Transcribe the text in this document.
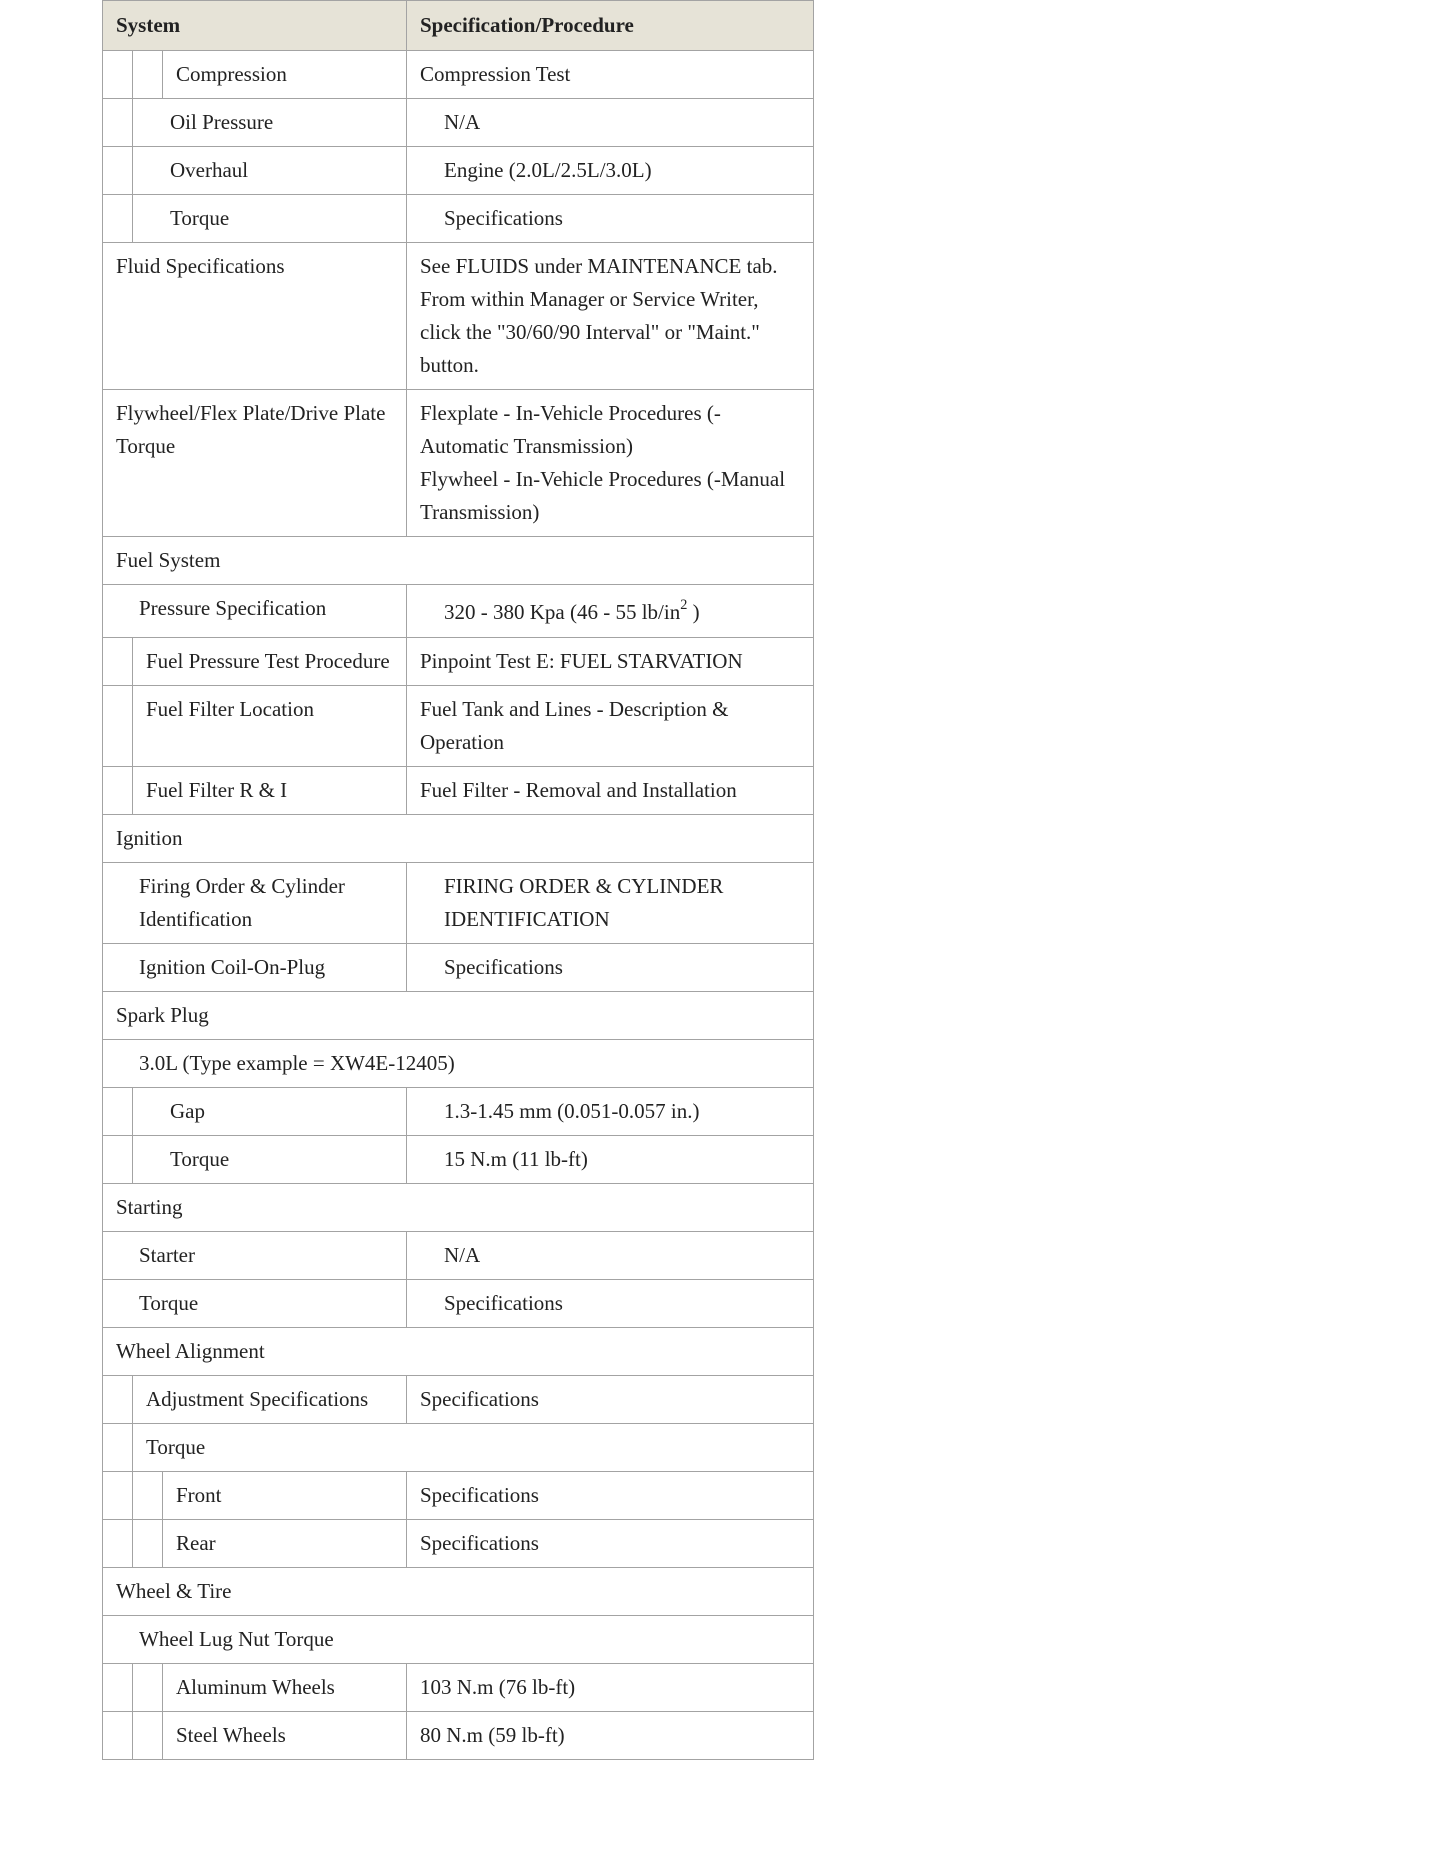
System			Specification/Procedure
		Compression	Compression Test
	Oil Pressure		N/A
	Overhaul		Engine (2.0L/2.5L/3.0L)
	Torque		Specifications
Fluid Specifications			See FLUIDS under MAINTENANCE tab. From within Manager or Service Writer, click the "30/60/90 Interval" or "Maint." button.
Flywheel/Flex Plate/Drive Plate Torque			Flexplate - In-Vehicle Procedures (-Automatic Transmission)
Flywheel - In-Vehicle Procedures (-Manual Transmission)

Fuel System			
Pressure Specification			320 - 380 Kpa (46 - 55 $lb/in^2$ )
	Fuel Pressure Test Procedure		Pinpoint Test E: FUEL STARVATION
	Fuel Filter Location		Fuel Tank and Lines - Description & Operation
	Fuel Filter R & I		Fuel Filter - Removal and Installation
Ignition			
Firing Order & Cylinder Identification			FIRING ORDER & CYLINDER IDENTIFICATION
Ignition Coil-On-Plug			Specifications
Spark Plug			
3.0L (Type example = XW4E-12405)			
	Gap		1.3-1.45 mm (0.051-0.057 in.)
	Torque		15 N.m (11 lb-ft)
Starting			
Starter			N/A
Torque			Specifications
Wheel Alignment			
	Adjustment Specifications		Specifications
	Torque		
		Front	Specifications
		Rear	Specifications
Wheel & Tire			
Wheel Lug Nut Torque			
		Aluminum Wheels	103 N.m (76 lb-ft)
		Steel Wheels	80 N.m (59 lb-ft)
